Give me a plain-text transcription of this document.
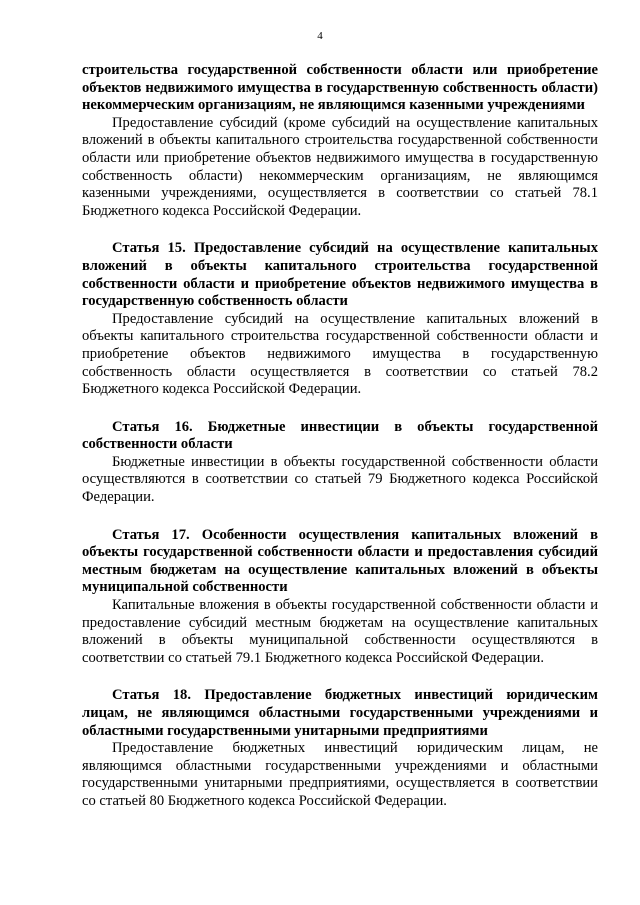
4

строительства государственной собственности области или приобретение объектов недвижимого имущества в государственную собственность области) некоммерческим организациям, не являющимся казенными учреждениями

Предоставление субсидий (кроме субсидий на осуществление капитальных вложений в объекты капитального строительства государственной собственности области или приобретение объектов недвижимого имущества в государственную собственность области) некоммерческим организациям, не являющимся казенными учреждениями, осуществляется в соответствии со статьей 78.1 Бюджетного кодекса Российской Федерации.

Статья 15. Предоставление субсидий на осуществление капитальных вложений в объекты капитального строительства государственной собственности области и приобретение объектов недвижимого имущества в государственную собственность области

Предоставление субсидий на осуществление капитальных вложений в объекты капитального строительства государственной собственности области и приобретение объектов недвижимого имущества в государственную собственность области осуществляется в соответствии со статьей 78.2 Бюджетного кодекса Российской Федерации.

Статья 16. Бюджетные инвестиции в объекты государственной собственности области

Бюджетные инвестиции в объекты государственной собственности области осуществляются в соответствии со статьей 79 Бюджетного кодекса Российской Федерации.

Статья 17. Особенности осуществления капитальных вложений в объекты государственной собственности области и предоставления субсидий местным бюджетам на осуществление капитальных вложений в объекты муниципальной собственности

Капитальные вложения в объекты государственной собственности области и предоставление субсидий местным бюджетам на осуществление капитальных вложений в объекты муниципальной собственности осуществляются в соответствии со статьей 79.1 Бюджетного кодекса Российской Федерации.

Статья 18. Предоставление бюджетных инвестиций юридическим лицам, не являющимся областными государственными учреждениями и областными государственными унитарными предприятиями

Предоставление бюджетных инвестиций юридическим лицам, не являющимся областными государственными учреждениями и областными государственными унитарными предприятиями, осуществляется в соответствии со статьей 80 Бюджетного кодекса Российской Федерации.
